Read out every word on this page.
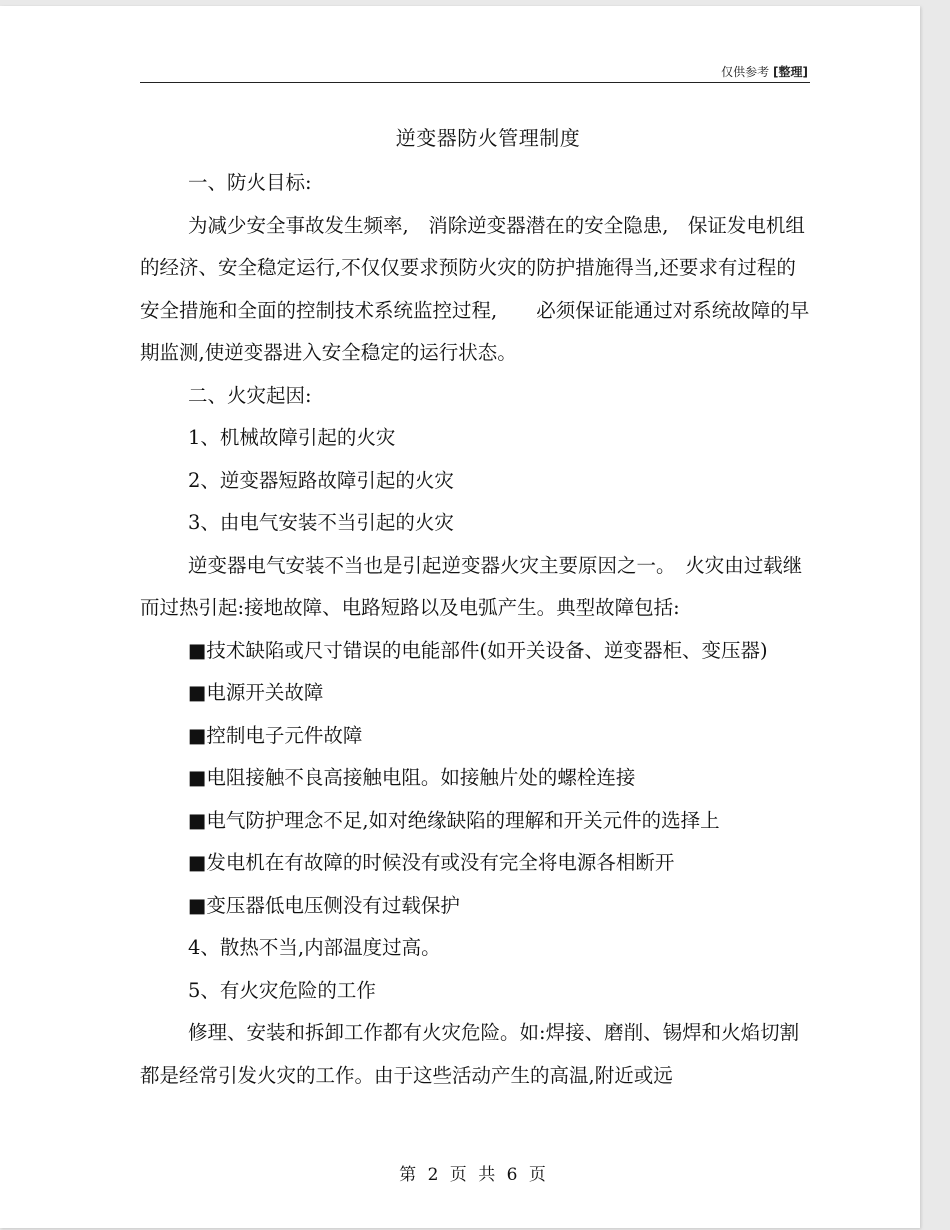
仅供参考 [整理]
逆变器防火管理制度

一、防火目标:

为减少安全事故发生频率,　消除逆变器潜在的安全隐患,　保证发电机组的经济、安全稳定运行,不仅仅要求预防火灾的防护措施得当,还要求有过程的安全措施和全面的控制技术系统监控过程,　　必须保证能通过对系统故障的早期监测,使逆变器进入安全稳定的运行状态。

二、火灾起因:

1、机械故障引起的火灾

2、逆变器短路故障引起的火灾

3、由电气安装不当引起的火灾

逆变器电气安装不当也是引起逆变器火灾主要原因之一。　火灾由过载继而过热引起:接地故障、电路短路以及电弧产生。典型故障包括:

■技术缺陷或尺寸错误的电能部件(如开关设备、逆变器柜、变压器)

■电源开关故障

■控制电子元件故障

■电阻接触不良高接触电阻。如接触片处的螺栓连接

■电气防护理念不足,如对绝缘缺陷的理解和开关元件的选择上

■发电机在有故障的时候没有或没有完全将电源各相断开

■变压器低电压侧没有过载保护

4、散热不当,内部温度过高。

5、有火灾危险的工作

修理、安装和拆卸工作都有火灾危险。如:焊接、磨削、锡焊和火焰切割都是经常引发火灾的工作。由于这些活动产生的高温,附近或远

第 2 页 共 6 页
